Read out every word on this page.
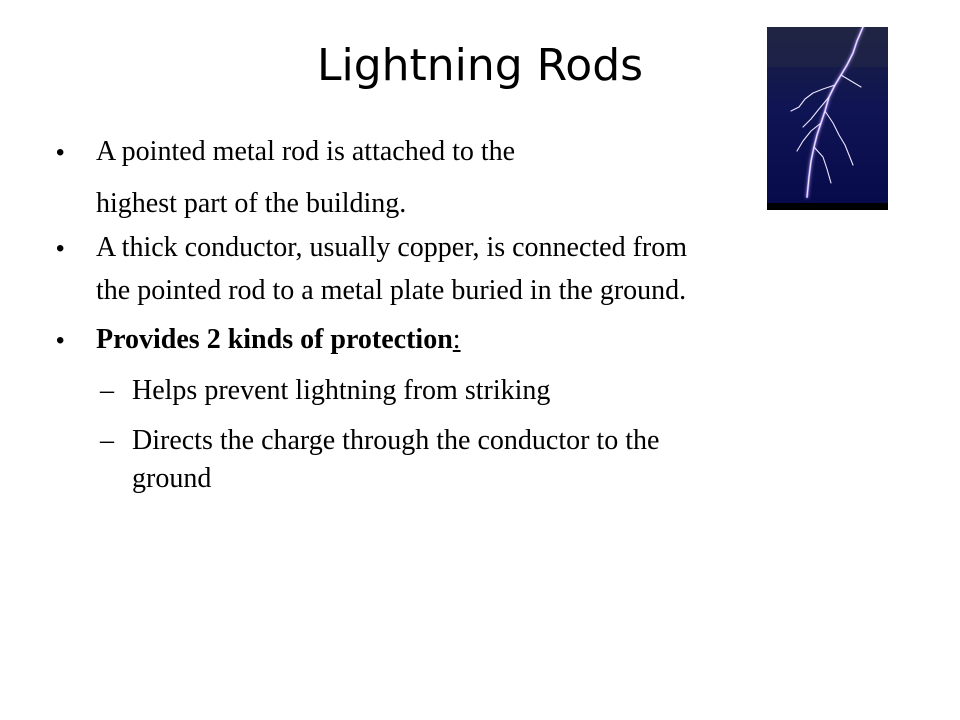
Lightning Rods
• A pointed metal rod is attached to the
highest part of the building.
• A thick conductor, usually copper, is connected from
the pointed rod to a metal plate buried in the ground.
• Provides 2 kinds of protection:
– Helps prevent lightning from striking
– Directs the charge through the conductor to the
ground
